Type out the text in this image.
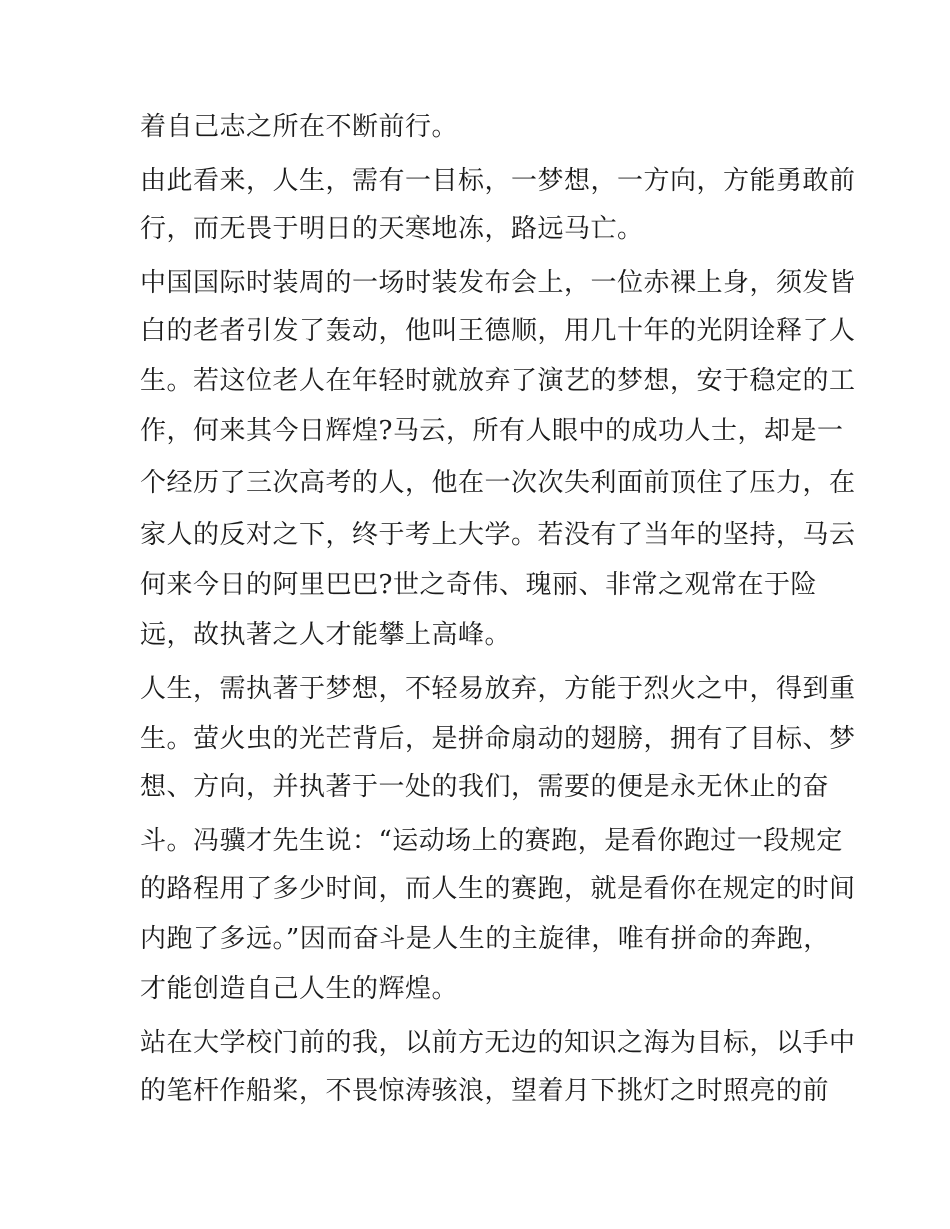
着自己志之所在不断前行。
由此看来，人生，需有一目标，一梦想，一方向，方能勇敢前
行，而无畏于明日的天寒地冻，路远马亡。
中国国际时装周的一场时装发布会上，一位赤裸上身，须发皆
白的老者引发了轰动，他叫王德顺，用几十年的光阴诠释了人
生。若这位老人在年轻时就放弃了演艺的梦想，安于稳定的工
作，何来其今日辉煌?马云，所有人眼中的成功人士，却是一
个经历了三次高考的人，他在一次次失利面前顶住了压力，在
家人的反对之下，终于考上大学。若没有了当年的坚持，马云
何来今日的阿里巴巴?世之奇伟、瑰丽、非常之观常在于险
远，故执著之人才能攀上高峰。
人生，需执著于梦想，不轻易放弃，方能于烈火之中，得到重
生。萤火虫的光芒背后，是拼命扇动的翅膀，拥有了目标、梦
想、方向，并执著于一处的我们，需要的便是永无休止的奋
斗。冯骥才先生说：“运动场上的赛跑，是看你跑过一段规定
的路程用了多少时间，而人生的赛跑，就是看你在规定的时间
内跑了多远。”因而奋斗是人生的主旋律，唯有拼命的奔跑，
才能创造自己人生的辉煌。
站在大学校门前的我，以前方无边的知识之海为目标，以手中
的笔杆作船桨，不畏惊涛骇浪，望着月下挑灯之时照亮的前
